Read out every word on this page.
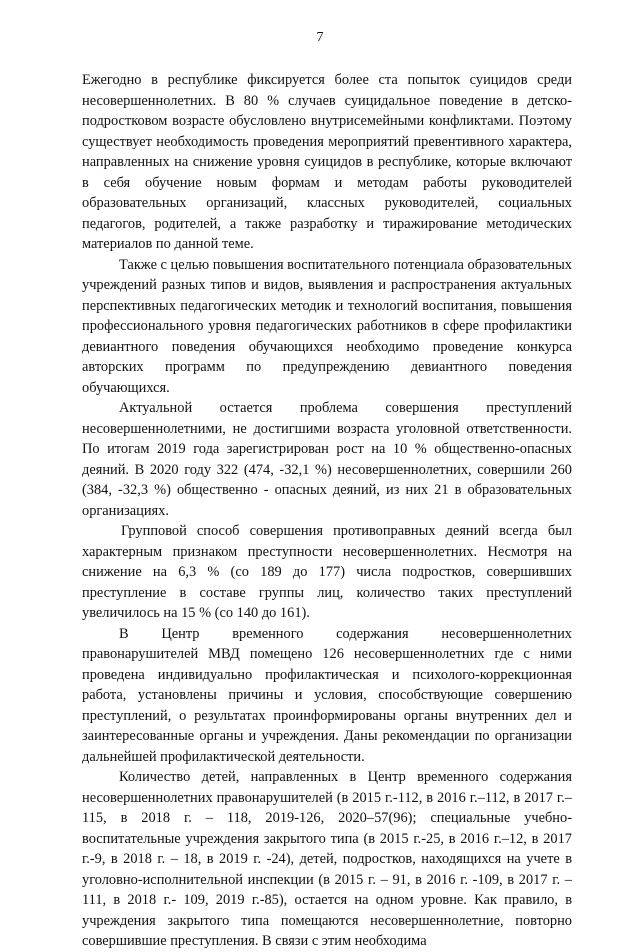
7

Ежегодно в республике фиксируется более ста попыток суицидов среди несовершеннолетних. В 80 % случаев суицидальное поведение в детско-подростковом возрасте обусловлено внутрисемейными конфликтами. Поэтому существует необходимость проведения мероприятий превентивного характера, направленных на снижение уровня суицидов в республике, которые включают в себя обучение новым формам и методам работы руководителей образовательных организаций, классных руководителей, социальных педагогов, родителей, а также разработку и тиражирование методических материалов по данной теме.

Также с целью повышения воспитательного потенциала образовательных учреждений разных типов и видов, выявления и распространения актуальных перспективных педагогических методик и технологий воспитания, повышения профессионального уровня педагогических работников в сфере профилактики девиантного поведения обучающихся необходимо проведение конкурса авторских программ по предупреждению девиантного поведения обучающихся.

Актуальной остается проблема совершения преступлений несовершеннолетними, не достигшими возраста уголовной ответственности. По итогам 2019 года зарегистрирован рост на 10 % общественно-опасных деяний. В 2020 году 322 (474, -32,1 %) несовершеннолетних, совершили 260 (384, -32,3 %) общественно - опасных деяний, из них 21 в образовательных организациях.

Групповой способ совершения противоправных деяний всегда был характерным признаком преступности несовершеннолетних. Несмотря на снижение на 6,3 % (со 189 до 177) числа подростков, совершивших преступление в составе группы лиц, количество таких преступлений увеличилось на 15 % (со 140 до 161).

В Центр временного содержания несовершеннолетних правонарушителей МВД помещено 126 несовершеннолетних где с ними проведена индивидуально профилактическая и психолого-коррекционная работа, установлены причины и условия, способствующие совершению преступлений, о результатах проинформированы органы внутренних дел и заинтересованные органы и учреждения. Даны рекомендации по организации дальнейшей профилактической деятельности.

Количество детей, направленных в Центр временного содержания несовершеннолетних правонарушителей (в 2015 г.-112, в 2016 г.–112, в 2017 г.–115, в 2018 г. – 118, 2019-126, 2020–57(96); специальные учебно-воспитательные учреждения закрытого типа (в 2015 г.-25, в 2016 г.–12, в 2017 г.-9, в 2018 г. – 18, в 2019 г. -24), детей, подростков, находящихся на учете в уголовно-исполнительной инспекции (в 2015 г. – 91, в 2016 г. -109, в 2017 г. – 111, в 2018 г.- 109, 2019 г.-85), остается на одном уровне. Как правило, в учреждения закрытого типа помещаются несовершеннолетние, повторно совершившие преступления. В связи с этим необходима
